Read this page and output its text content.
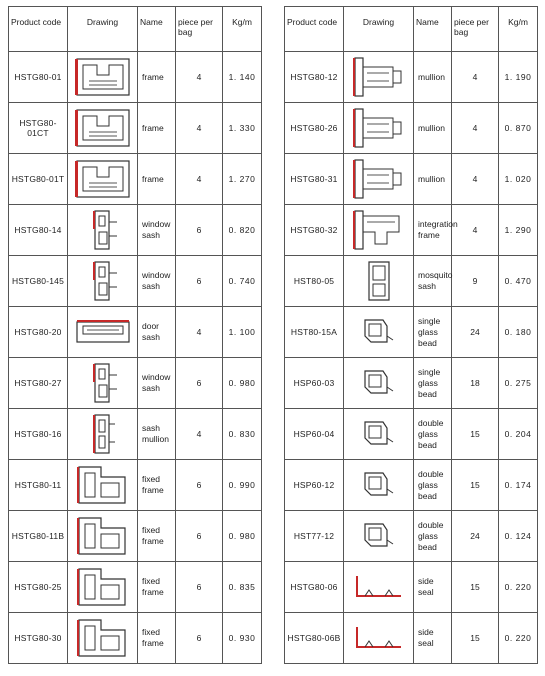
Product code	Drawing	Name	piece per bag	Kg/m
HSTG80-01		frame	4	1. 140
HSTG80-01CT		frame	4	1. 330
HSTG80-01T		frame	4	1. 270
HSTG80-14		window sash	6	0. 820
HSTG80-145		window sash	6	0. 740
HSTG80-20		door sash	4	1. 100
HSTG80-27		window sash	6	0. 980
HSTG80-16		sash mullion	4	0. 830
HSTG80-11		fixed frame	6	0. 990
HSTG80-11B		fixed frame	6	0. 980
HSTG80-25		fixed frame	6	0. 835
HSTG80-30		fixed frame	6	0. 930
Product code	Drawing	Name	piece per bag	Kg/m
HSTG80-12		mullion	4	1. 190
HSTG80-26		mullion	4	0. 870
HSTG80-31		mullion	4	1. 020
HSTG80-32		integration frame	4	1. 290
HST80-05		mosquito sash	9	0. 470
HST80-15A		single glass bead	24	0. 180
HSP60-03		single glass bead	18	0. 275
HSP60-04		double glass bead	15	0. 204
HSP60-12		double glass bead	15	0. 174
HST77-12		double glass bead	24	0. 124
HSTG80-06		side seal	15	0. 220
HSTG80-06B		side seal	15	0. 220
